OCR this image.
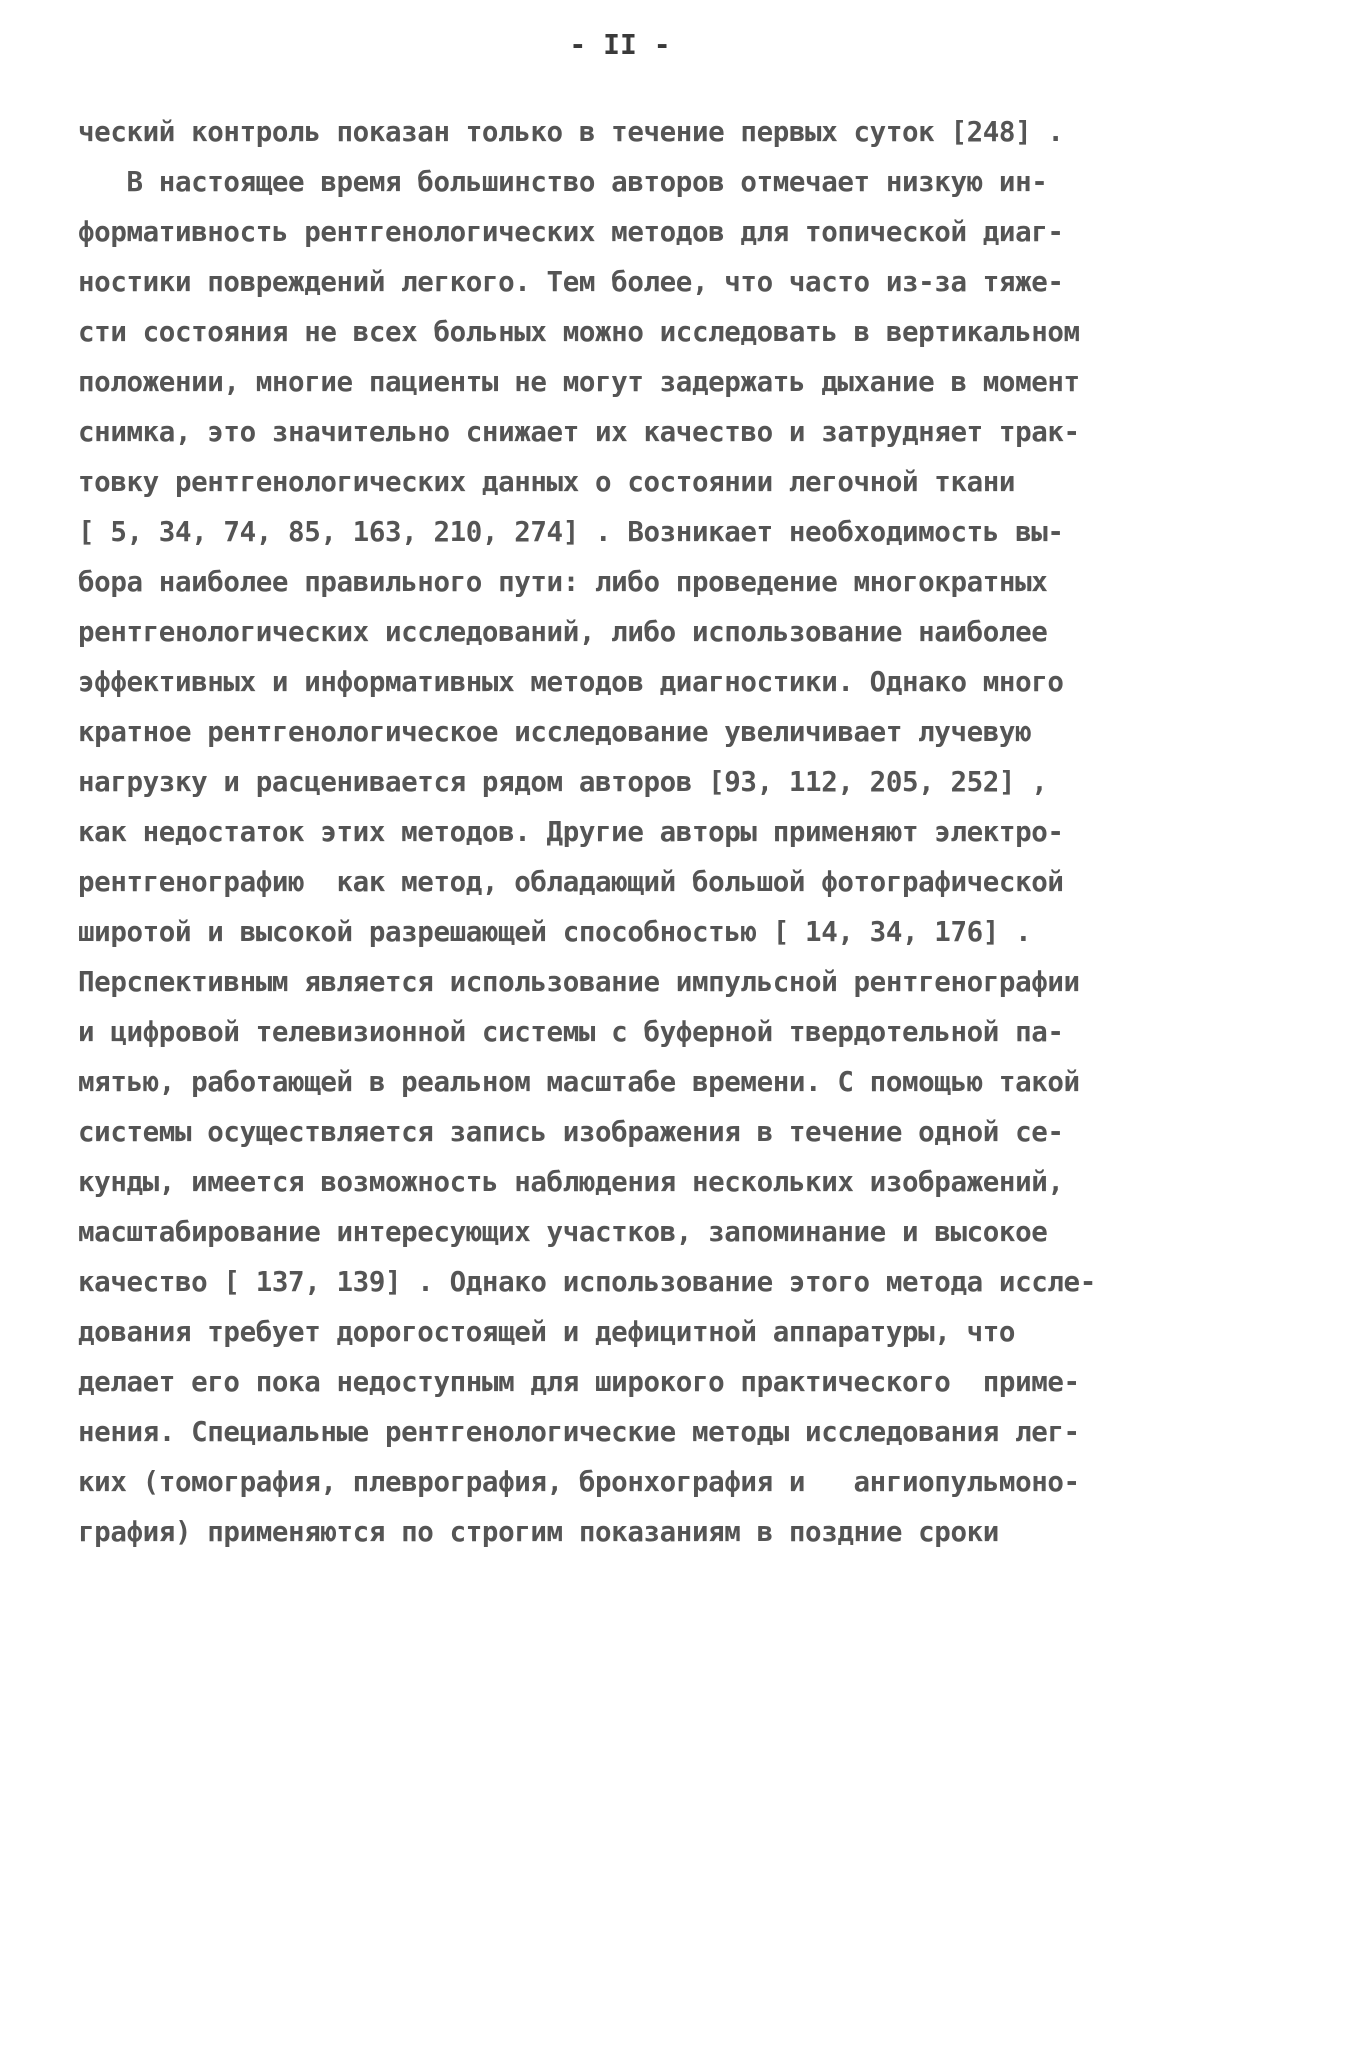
- II -
ческий контроль показан только в течение первых суток [248] .
В настоящее время большинство авторов отмечает низкую ин-
формативность рентгенологических методов для топической диаг-
ностики повреждений легкого. Тем более, что часто из-за тяже-
сти состояния не всех больных можно исследовать в вертикальном
положении, многие пациенты не могут задержать дыхание в момент
снимка, это значительно снижает их качество и затрудняет трак-
товку рентгенологических данных о состоянии легочной ткани
[ 5, 34, 74, 85, 163, 210, 274] . Возникает необходимость вы-
бора наиболее правильного пути: либо проведение многократных
рентгенологических исследований, либо использование наиболее
эффективных и информативных методов диагностики. Однако много
кратное рентгенологическое исследование увеличивает лучевую
нагрузку и расценивается рядом авторов [93, 112, 205, 252] ,
как недостаток этих методов. Другие авторы применяют электро-
рентгенографию  как метод, обладающий большой фотографической
широтой и высокой разрешающей способностью [ 14, 34, 176] .
Перспективным является использование импульсной рентгенографии
и цифровой телевизионной системы с буферной твердотельной па-
мятью, работающей в реальном масштабе времени. С помощью такой
системы осуществляется запись изображения в течение одной се-
кунды, имеется возможность наблюдения нескольких изображений,
масштабирование интересующих участков, запоминание и высокое
качество [ 137, 139] . Однако использование этого метода иссле-
дования требует дорогостоящей и дефицитной аппаратуры, что
делает его пока недоступным для широкого практического  приме-
нения. Специальные рентгенологические методы исследования лег-
ких (томография, плеврография, бронхография и   ангиопульмоно-
графия) применяются по строгим показаниям в поздние сроки
